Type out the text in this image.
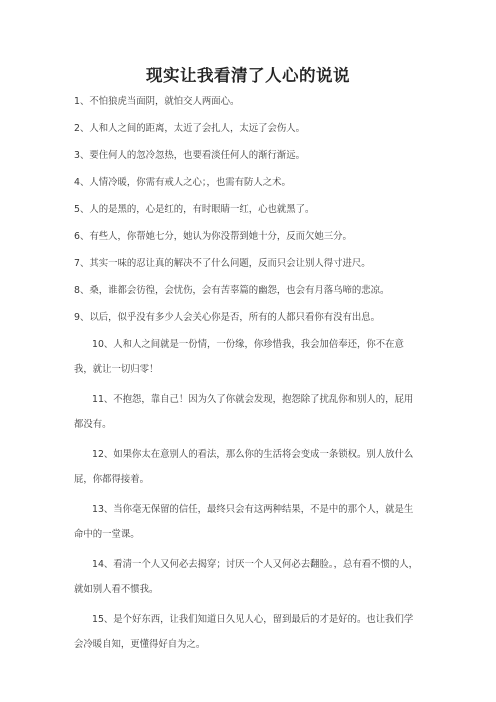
现实让我看清了人心的说说
1、不怕狼虎当面阴，就怕交人两面心。
2、人和人之间的距离，太近了会扎人，太远了会伤人。
3、要住何人的忽冷忽热，也要看淡任何人的渐行渐远。
4、人情冷暖，你需有戒人之心；，也需有防人之术。
5、人的是黑的，心是红的，有时眼睛一红，心也就黑了。
6、有些人，你帮她七分，她认为你没帮到她十分，反而欠她三分。
7、其实一味的忍让真的解决不了什么问题，反而只会让别人得寸进尺。
8、桑，谁都会彷徨，会忧伤，会有苦辜篇的幽怨，也会有月落乌啼的悲凉。
9、以后，似乎没有多少人会关心你是否，所有的人都只看你有没有出息。
10、人和人之间就是一份情，一份缘，你珍惜我，我会加倍奉还，你不在意我，就让一切归零！
11、不抱怨，靠自己！因为久了你就会发现，抱怨除了扰乱你和别人的，屁用都没有。
12、如果你太在意别人的看法，那么你的生活将会变成一条锁权。别人放什么屁，你都得接着。
13、当你毫无保留的信任，最终只会有这两种结果，不是中的那个人，就是生命中的一堂课。
14、看清一个人又何必去揭穿；讨厌一个人又何必去翻脸。，总有看不惯的人，就如别人看不惯我。
15、是个好东西，让我们知道日久见人心，留到最后的才是好的。也让我们学会冷暖自知，更懂得好自为之。
